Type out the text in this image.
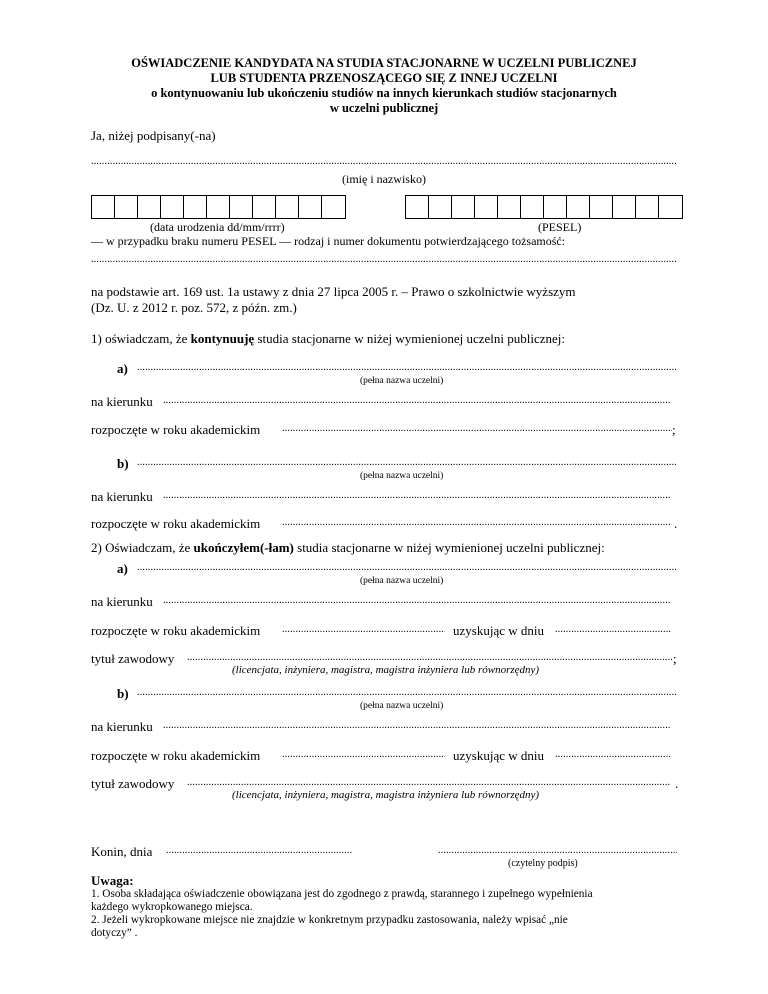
OŚWIADCZENIE KANDYDATA NA STUDIA STACJONARNE W UCZELNI PUBLICZNEJ
LUB STUDENTA PRZENOSZĄCEGO SIĘ Z INNEJ UCZELNI
o kontynuowaniu lub ukończeniu studiów na innych kierunkach studiów stacjonarnych
w uczelni publicznej
Ja, niżej podpisany(-na)
.....
(imię i nazwisko)
(data urodzenia dd/mm/rrrr)	(PESEL)
— w przypadku braku numeru PESEL — rodzaj i numer dokumentu potwierdzającego tożsamość:
.....
na podstawie art. 169 ust. 1a ustawy z dnia 27 lipca 2005 r. – Prawo o szkolnictwie wyższym
(Dz. U. z 2012 r. poz. 572, z późn. zm.)
1) oświadczam, że kontynuuję studia stacjonarne w niżej wymienionej uczelni publicznej:
a)
.....
(pełna nazwa uczelni)
na kierunku
.....
rozpoczęte w roku akademickim .....	;
b)
.....
(pełna nazwa uczelni)
na kierunku
.....
rozpoczęte w roku akademickim .....	.
2) Oświadczam, że ukończyłem(-łam) studia stacjonarne w niżej wymienionej uczelni publicznej:
a)
.....
(pełna nazwa uczelni)
na kierunku
.....
rozpoczęte w roku akademickim .....	uzyskując w dniu
.....
tytuł zawodowy .....	;
(licencjata, inżyniera, magistra, magistra inżyniera lub równorzędny)
b)
.....
(pełna nazwa uczelni)
na kierunku
.....
rozpoczęte w roku akademickim .....	uzyskując w dniu
.....
tytuł zawodowy .....	.
(licencjata, inżyniera, magistra, magistra inżyniera lub równorzędny)
Konin, dnia
.....
.....
(czytelny podpis)
Uwaga:
1. Osoba składająca oświadczenie obowiązana jest do zgodnego z prawdą, starannego i zupełnego wypełnienia
każdego wykropkowanego miejsca.
2. Jeżeli wykropkowane miejsce nie znajdzie w konkretnym przypadku zastosowania, należy wpisać „nie
dotyczy” .
